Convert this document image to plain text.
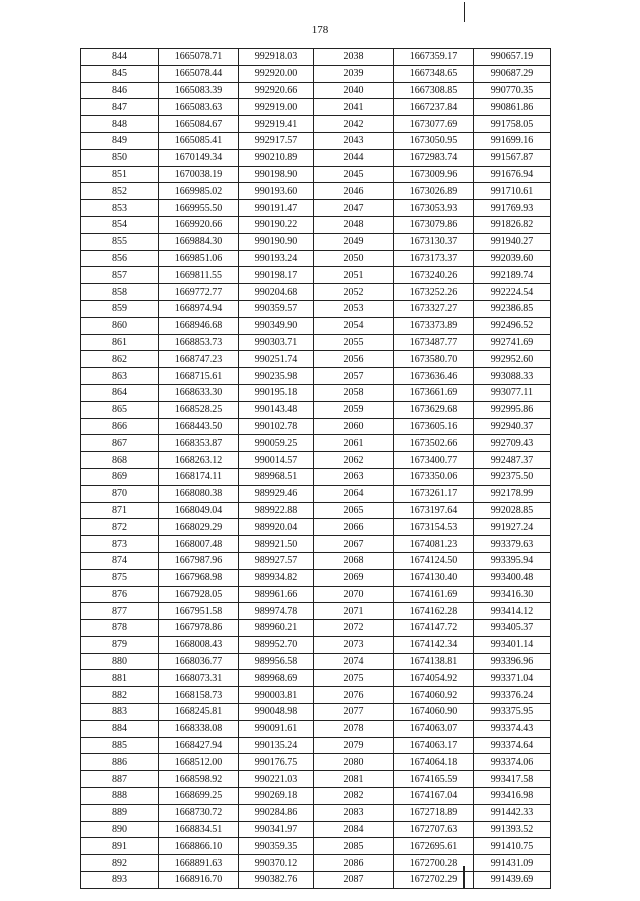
178
844	1665078.71	992918.03	2038	1667359.17	990657.19
845	1665078.44	992920.00	2039	1667348.65	990687.29
846	1665083.39	992920.66	2040	1667308.85	990770.35
847	1665083.63	992919.00	2041	1667237.84	990861.86
848	1665084.67	992919.41	2042	1673077.69	991758.05
849	1665085.41	992917.57	2043	1673050.95	991699.16
850	1670149.34	990210.89	2044	1672983.74	991567.87
851	1670038.19	990198.90	2045	1673009.96	991676.94
852	1669985.02	990193.60	2046	1673026.89	991710.61
853	1669955.50	990191.47	2047	1673053.93	991769.93
854	1669920.66	990190.22	2048	1673079.86	991826.82
855	1669884.30	990190.90	2049	1673130.37	991940.27
856	1669851.06	990193.24	2050	1673173.37	992039.60
857	1669811.55	990198.17	2051	1673240.26	992189.74
858	1669772.77	990204.68	2052	1673252.26	992224.54
859	1668974.94	990359.57	2053	1673327.27	992386.85
860	1668946.68	990349.90	2054	1673373.89	992496.52
861	1668853.73	990303.71	2055	1673487.77	992741.69
862	1668747.23	990251.74	2056	1673580.70	992952.60
863	1668715.61	990235.98	2057	1673636.46	993088.33
864	1668633.30	990195.18	2058	1673661.69	993077.11
865	1668528.25	990143.48	2059	1673629.68	992995.86
866	1668443.50	990102.78	2060	1673605.16	992940.37
867	1668353.87	990059.25	2061	1673502.66	992709.43
868	1668263.12	990014.57	2062	1673400.77	992487.37
869	1668174.11	989968.51	2063	1673350.06	992375.50
870	1668080.38	989929.46	2064	1673261.17	992178.99
871	1668049.04	989922.88	2065	1673197.64	992028.85
872	1668029.29	989920.04	2066	1673154.53	991927.24
873	1668007.48	989921.50	2067	1674081.23	993379.63
874	1667987.96	989927.57	2068	1674124.50	993395.94
875	1667968.98	989934.82	2069	1674130.40	993400.48
876	1667928.05	989961.66	2070	1674161.69	993416.30
877	1667951.58	989974.78	2071	1674162.28	993414.12
878	1667978.86	989960.21	2072	1674147.72	993405.37
879	1668008.43	989952.70	2073	1674142.34	993401.14
880	1668036.77	989956.58	2074	1674138.81	993396.96
881	1668073.31	989968.69	2075	1674054.92	993371.04
882	1668158.73	990003.81	2076	1674060.92	993376.24
883	1668245.81	990048.98	2077	1674060.90	993375.95
884	1668338.08	990091.61	2078	1674063.07	993374.43
885	1668427.94	990135.24	2079	1674063.17	993374.64
886	1668512.00	990176.75	2080	1674064.18	993374.06
887	1668598.92	990221.03	2081	1674165.59	993417.58
888	1668699.25	990269.18	2082	1674167.04	993416.98
889	1668730.72	990284.86	2083	1672718.89	991442.33
890	1668834.51	990341.97	2084	1672707.63	991393.52
891	1668866.10	990359.35	2085	1672695.61	991410.75
892	1668891.63	990370.12	2086	1672700.28	991431.09
893	1668916.70	990382.76	2087	1672702.29	991439.69
